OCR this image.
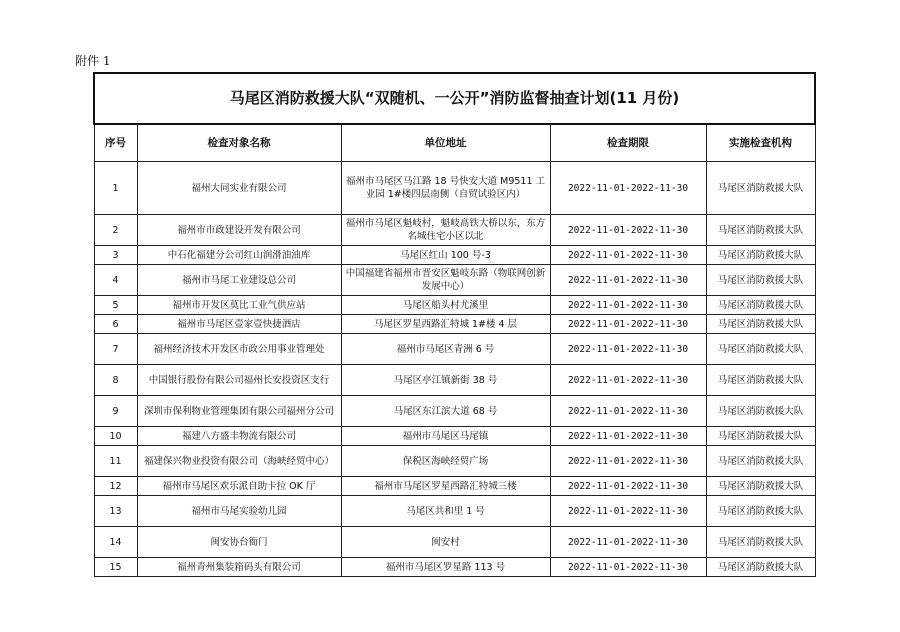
附件 1
马尾区消防救援大队“双随机、一公开”消防监督抽查计划(11 月份)				
序号	检查对象名称	单位地址	检查期限	实施检查机构
1	福州大同实业有限公司	福州市马尾区马江路 18 号快安大道 M9511 工业园 1#楼四层南侧（自贸试验区内）	2022-11-01-2022-11-30	马尾区消防救援大队
2	福州市市政建设开发有限公司	福州市马尾区魁岐村，魁岐高铁大桥以东，东方名城住宅小区以北	2022-11-01-2022-11-30	马尾区消防救援大队
3	中石化福建分公司红山润滑油油库	马尾区红山 100 号-3	2022-11-01-2022-11-30	马尾区消防救援大队
4	福州市马尾工业建设总公司	中国福建省福州市晋安区魁岐东路（物联网创新发展中心）	2022-11-01-2022-11-30	马尾区消防救援大队
5	福州市开发区莫比工业气供应站	马尾区船头村尤溪里	2022-11-01-2022-11-30	马尾区消防救援大队
6	福州市马尾区壹家壹快捷酒店	马尾区罗星西路汇特城 1#楼 4 层	2022-11-01-2022-11-30	马尾区消防救援大队
7	福州经济技术开发区市政公用事业管理处	福州市马尾区青洲 6 号	2022-11-01-2022-11-30	马尾区消防救援大队
8	中国银行股份有限公司福州长安投资区支行	马尾区亭江镇新街 38 号	2022-11-01-2022-11-30	马尾区消防救援大队
9	深圳市保利物业管理集团有限公司福州分公司	马尾区东江滨大道 68 号	2022-11-01-2022-11-30	马尾区消防救援大队
10	福建八方盛丰物流有限公司	福州市马尾区马尾镇	2022-11-01-2022-11-30	马尾区消防救援大队
11	福建保兴物业投资有限公司（海峡经贸中心）	保税区海峡经贸广场	2022-11-01-2022-11-30	马尾区消防救援大队
12	福州市马尾区欢乐派自助卡拉 OK 厅	福州市马尾区罗星西路汇特城三楼	2022-11-01-2022-11-30	马尾区消防救援大队
13	福州市马尾实验幼儿园	马尾区共和里 1 号	2022-11-01-2022-11-30	马尾区消防救援大队
14	闽安协台衙门	闽安村	2022-11-01-2022-11-30	马尾区消防救援大队
15	福州青州集装箱码头有限公司	福州市马尾区罗星路 113 号	2022-11-01-2022-11-30	马尾区消防救援大队
